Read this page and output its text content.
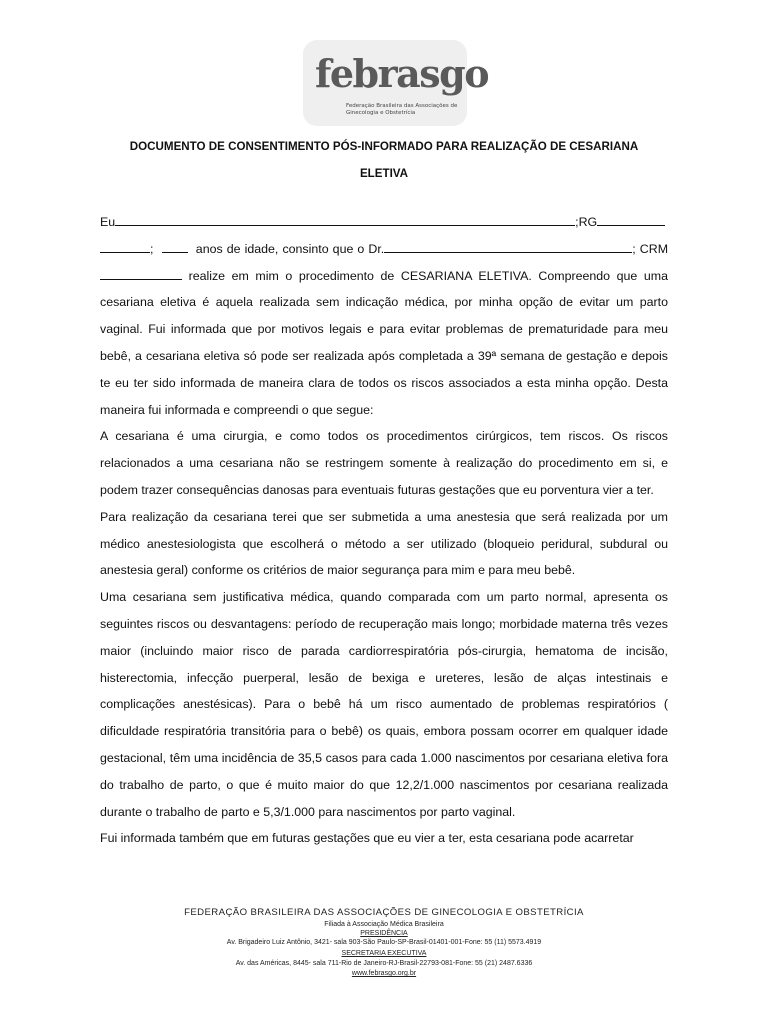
febrasgo
Federação Brasileira das Associações de Ginecologia e Obstetrícia
DOCUMENTO DE CONSENTIMENTO PÓS-INFORMADO PARA REALIZAÇÃO DE CESARIANA
ELETIVA

Eu	;RG ;	anos de idade, consinto que o Dr.	; CRM realize em mim o procedimento de CESARIANA ELETIVA. Compreendo que uma cesariana eletiva é aquela realizada sem indicação médica, por minha opção de evitar um parto vaginal. Fui informada que por motivos legais e para evitar problemas de prematuridade para meu bebê, a cesariana eletiva só pode ser realizada após completada a 39ª semana de gestação e depois te eu ter sido informada de maneira clara de todos os riscos associados a esta minha opção. Desta maneira fui informada e compreendi o que segue:

A cesariana é uma cirurgia, e como todos os procedimentos cirúrgicos, tem riscos. Os riscos relacionados a uma cesariana não se restringem somente à realização do procedimento em si, e podem trazer consequências danosas para eventuais futuras gestações que eu porventura vier a ter.

Para realização da cesariana terei que ser submetida a uma anestesia que será realizada por um médico anestesiologista que escolherá o método a ser utilizado (bloqueio peridural, subdural ou anestesia geral) conforme os critérios de maior segurança para mim e para meu bebê.

Uma cesariana sem justificativa médica, quando comparada com um parto normal, apresenta os seguintes riscos ou desvantagens: período de recuperação mais longo; morbidade materna três vezes maior (incluindo maior risco de parada cardiorrespiratória pós-cirurgia, hematoma de incisão, histerectomia, infecção puerperal, lesão de bexiga e ureteres, lesão de alças intestinais e complicações anestésicas). Para o bebê há um risco aumentado de problemas respiratórios ( dificuldade respiratória transitória para o bebê) os quais, embora possam ocorrer em qualquer idade gestacional, têm uma incidência de 35,5 casos para cada 1.000 nascimentos por cesariana eletiva fora do trabalho de parto, o que é muito maior do que 12,2/1.000 nascimentos por cesariana realizada durante o trabalho de parto e 5,3/1.000 para nascimentos por parto vaginal.

Fui informada também que em futuras gestações que eu vier a ter, esta cesariana pode acarretar

FEDERAÇÃO BRASILEIRA DAS ASSOCIAÇÕES DE GINECOLOGIA E OBSTETRÍCIA
Filiada à Associação Médica Brasileira
PRESIDÊNCIA
Av. Brigadeiro Luiz Antônio, 3421- sala 903-São Paulo-SP-Brasil-01401-001-Fone: 55 (11) 5573.4919
SECRETARIA EXECUTIVA
Av. das Américas, 8445- sala 711-Rio de Janeiro-RJ-Brasil-22793-081-Fone: 55 (21) 2487.6336
www.febrasgo.org.br
